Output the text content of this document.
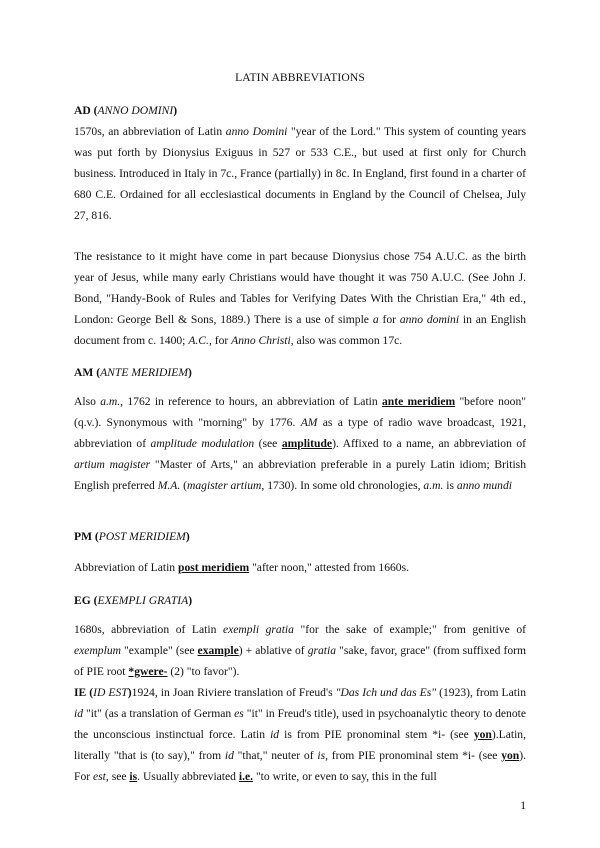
LATIN ABBREVIATIONS
AD (ANNO DOMINI)
1570s, an abbreviation of Latin anno Domini "year of the Lord." This system of counting years was put forth by Dionysius Exiguus in 527 or 533 C.E., but used at first only for Church business. Introduced in Italy in 7c., France (partially) in 8c. In England, first found in a charter of 680 C.E. Ordained for all ecclesiastical documents in England by the Council of Chelsea, July 27, 816.
The resistance to it might have come in part because Dionysius chose 754 A.U.C. as the birth year of Jesus, while many early Christians would have thought it was 750 A.U.C. (See John J. Bond, "Handy-Book of Rules and Tables for Verifying Dates With the Christian Era," 4th ed., London: George Bell & Sons, 1889.) There is a use of simple a for anno domini in an English document from c. 1400; A.C., for Anno Christi, also was common 17c.
AM (ANTE MERIDIEM)
Also a.m., 1762 in reference to hours, an abbreviation of Latin ante meridiem "before noon" (q.v.). Synonymous with "morning" by 1776. AM as a type of radio wave broadcast, 1921, abbreviation of amplitude modulation (see amplitude). Affixed to a name, an abbreviation of artium magister "Master of Arts," an abbreviation preferable in a purely Latin idiom; British English preferred M.A. (magister artium, 1730). In some old chronologies, a.m. is anno mundi
PM (POST MERIDIEM)
Abbreviation of Latin post meridiem "after noon," attested from 1660s.
EG (EXEMPLI GRATIA)
1680s, abbreviation of Latin exempli gratia "for the sake of example;" from genitive of exemplum "example" (see example) + ablative of gratia "sake, favor, grace" (from suffixed form of PIE root *gwere- (2) "to favor").
IE (ID EST)1924, in Joan Riviere translation of Freud's "Das Ich und das Es" (1923), from Latin id "it" (as a translation of German es "it" in Freud's title), used in psychoanalytic theory to denote the unconscious instinctual force. Latin id is from PIE pronominal stem *i- (see yon).Latin, literally "that is (to say)," from id "that," neuter of is, from PIE pronominal stem *i- (see yon). For est, see is. Usually abbreviated i.e. "to write, or even to say, this in the full
1
